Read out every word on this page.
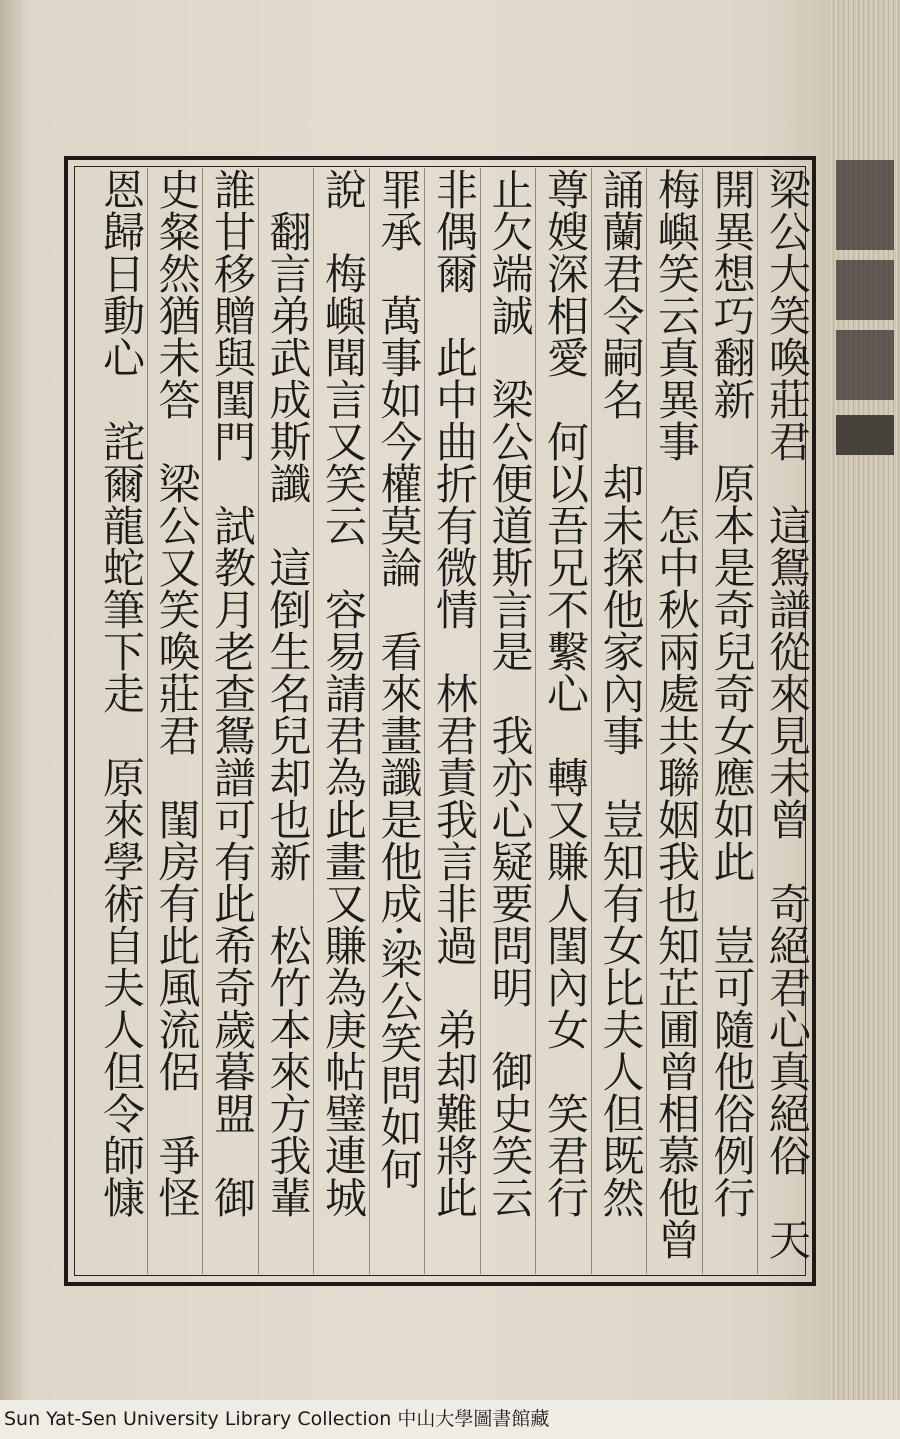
梁公大笑喚莊君　這鴛譜從來見未曾　奇絕君心真絕俗　天
開異想巧翻新　原本是奇兒奇女應如此　豈可隨他俗例行
梅嶼笑云真異事　怎中秋兩處共聯姻我也知芷圃曾相慕他曾
誦蘭君令嗣名　却未探他家內事　豈知有女比夫人但既然
尊嫂深相愛　何以吾兄不繫心　轉又賺人閨內女　笑君行
止欠端誠　梁公便道斯言是　我亦心疑要問明　御史笑云
非偶爾　此中曲折有微情　林君責我言非過　弟却難將此
罪承　萬事如今權莫論　看來畫讖是他成·梁公笑問如何
說　梅嶼聞言又笑云　容易請君為此畫又賺為庚帖璧連城
　翻言弟武成斯讖　這倒生名兒却也新　松竹本來方我輩
誰甘移贈與閨門　試教月老查鴛譜可有此希奇歲暮盟　御
史粲然猶未答　梁公又笑喚莊君　閨房有此風流侶　爭怪
恩歸日動心　詫爾龍蛇筆下走　原來學術自夫人但令師慷
Sun Yat-Sen University Library Collection 中山大學圖書館藏
